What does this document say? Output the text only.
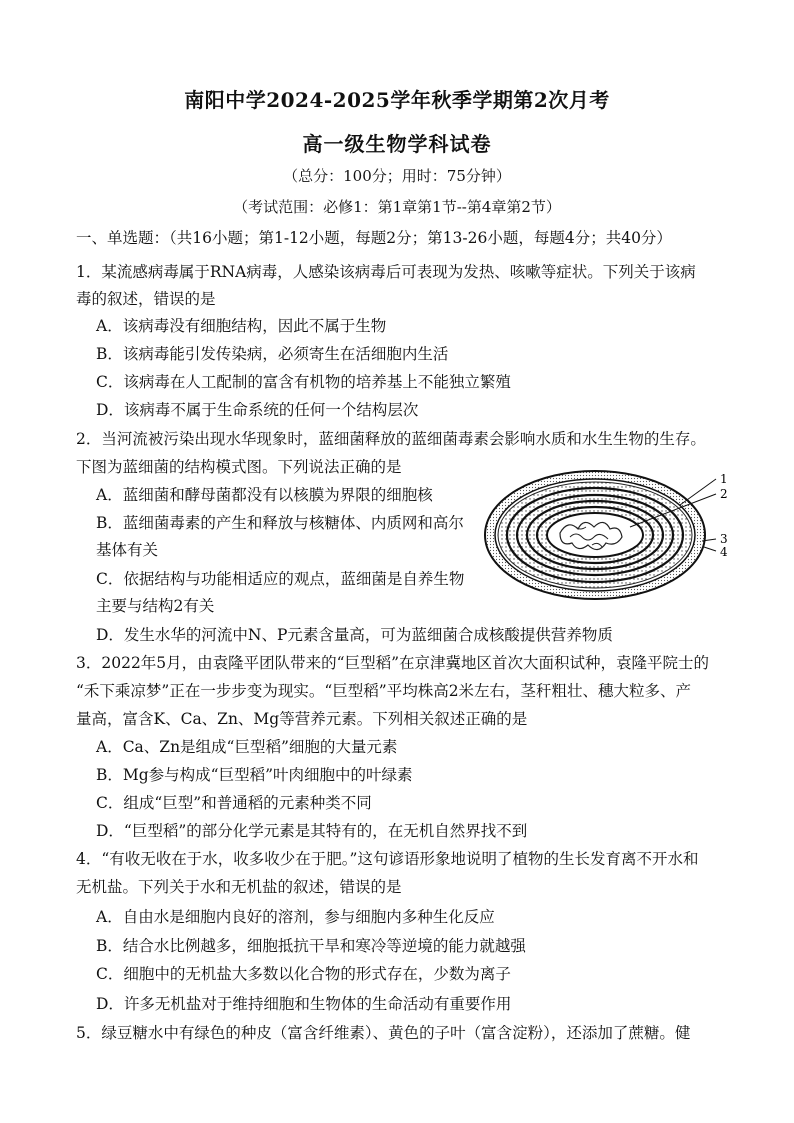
南阳中学2024-2025学年秋季学期第2次月考
高一级生物学科试卷
（总分：100分；用时：75分钟）
（考试范围：必修1：第1章第1节--第4章第2节）
一、单选题：（共16小题；第1-12小题，每题2分；第13-26小题，每题4分；共40分）
1．某流感病毒属于RNA病毒，人感染该病毒后可表现为发热、咳嗽等症状。下列关于该病
毒的叙述，错误的是
A．该病毒没有细胞结构，因此不属于生物
B．该病毒能引发传染病，必须寄生在活细胞内生活
C．该病毒在人工配制的富含有机物的培养基上不能独立繁殖
D．该病毒不属于生命系统的任何一个结构层次
2．当河流被污染出现水华现象时，蓝细菌释放的蓝细菌毒素会影响水质和水生生物的生存。
下图为蓝细菌的结构模式图。下列说法正确的是
A．蓝细菌和酵母菌都没有以核膜为界限的细胞核
B．蓝细菌毒素的产生和释放与核糖体、内质网和高尔
基体有关
C．依据结构与功能相适应的观点，蓝细菌是自养生物
主要与结构2有关
D．发生水华的河流中N、P元素含量高，可为蓝细菌合成核酸提供营养物质
1
2
3
4
3．2022年5月，由袁隆平团队带来的“巨型稻”在京津冀地区首次大面积试种，袁隆平院士的
“禾下乘凉梦”正在一步步变为现实。“巨型稻”平均株高2米左右，茎秆粗壮、穗大粒多、产
量高，富含K、Ca、Zn、Mg等营养元素。下列相关叙述正确的是
A．Ca、Zn是组成“巨型稻”细胞的大量元素
B．Mg参与构成“巨型稻”叶肉细胞中的叶绿素
C．组成“巨型”和普通稻的元素种类不同
D．“巨型稻”的部分化学元素是其特有的，在无机自然界找不到
4．“有收无收在于水，收多收少在于肥。”这句谚语形象地说明了植物的生长发育离不开水和
无机盐。下列关于水和无机盐的叙述，错误的是
A．自由水是细胞内良好的溶剂，参与细胞内多种生化反应
B．结合水比例越多，细胞抵抗干旱和寒冷等逆境的能力就越强
C．细胞中的无机盐大多数以化合物的形式存在，少数为离子
D．许多无机盐对于维持细胞和生物体的生命活动有重要作用
5．绿豆糖水中有绿色的种皮（富含纤维素）、黄色的子叶（富含淀粉），还添加了蔗糖。健
